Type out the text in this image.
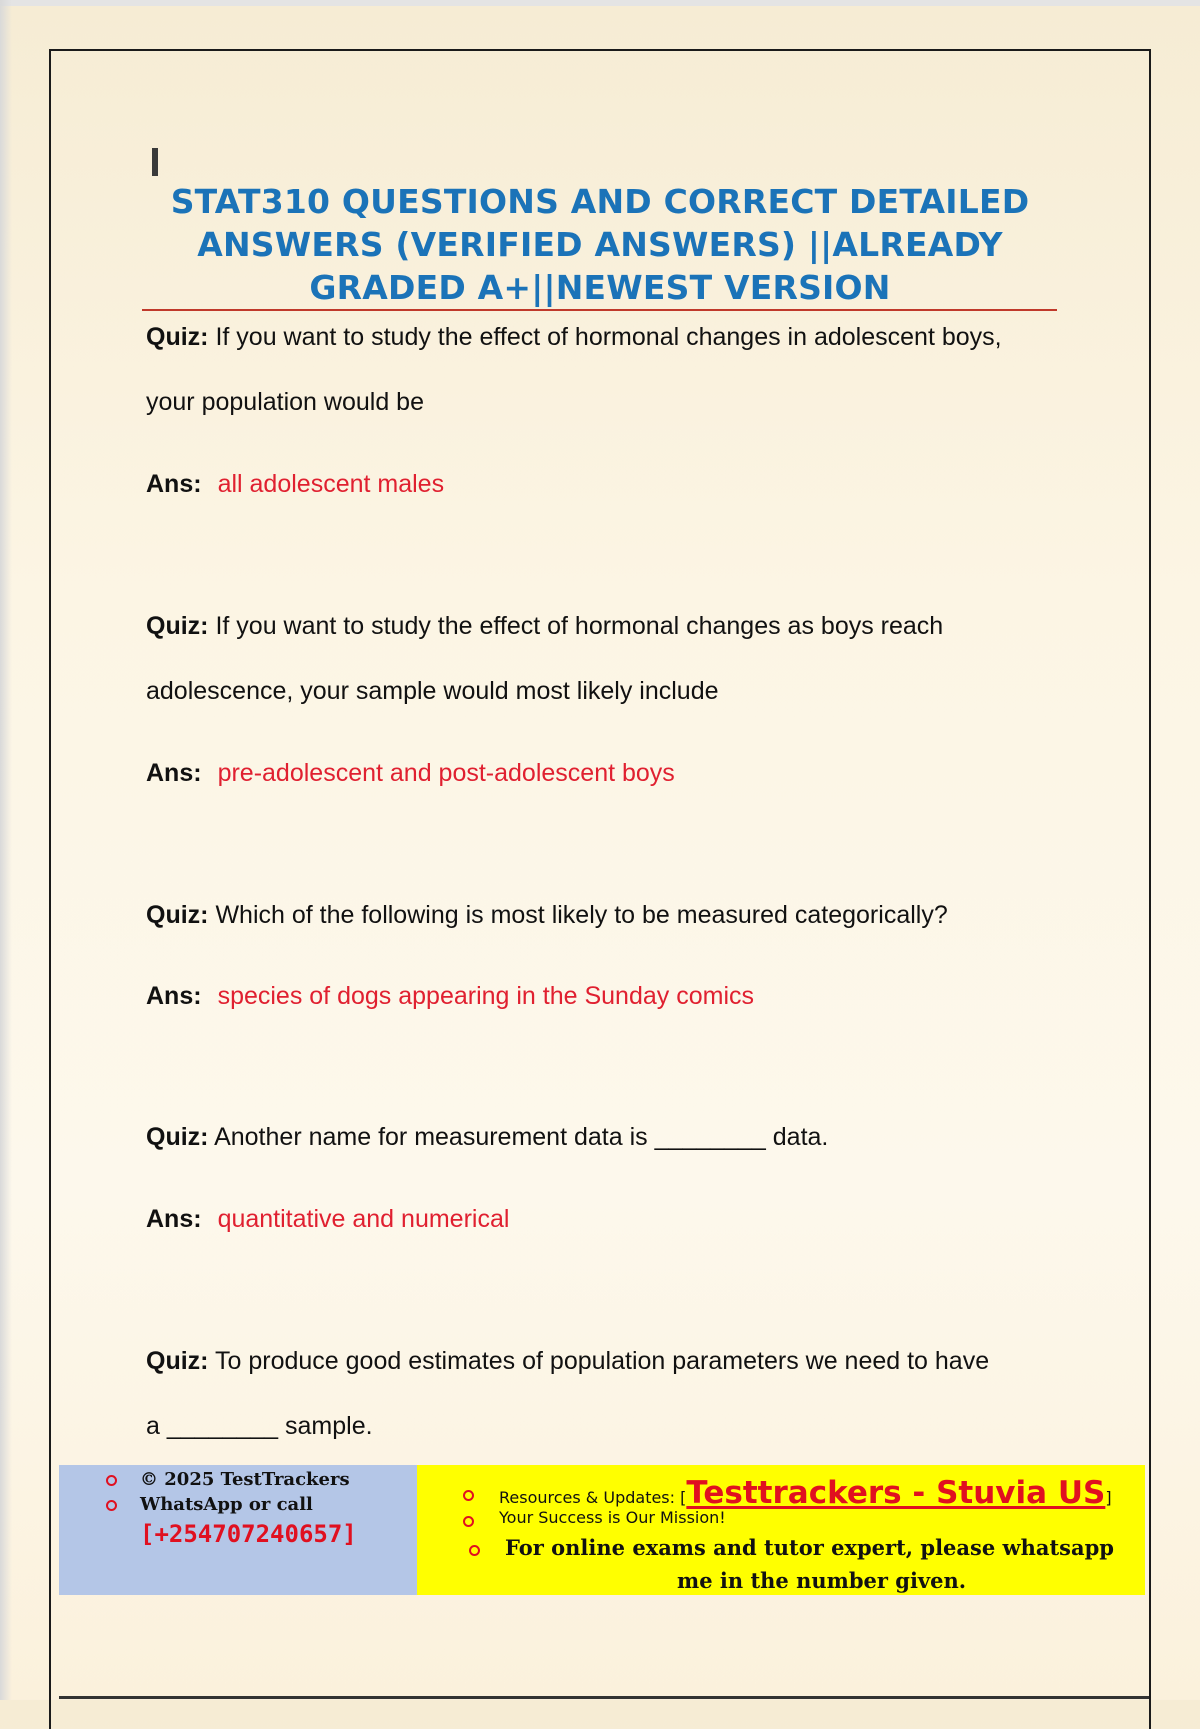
STAT310 QUESTIONS AND CORRECT DETAILED
ANSWERS (VERIFIED ANSWERS) ||ALREADY
GRADED A+||NEWEST VERSION

Quiz: If you want to study the effect of hormonal changes in adolescent boys,

your population would be

Ans: all adolescent males

Quiz: If you want to study the effect of hormonal changes as boys reach

adolescence, your sample would most likely include

Ans: pre-adolescent and post-adolescent boys

Quiz: Which of the following is most likely to be measured categorically?

Ans: species of dogs appearing in the Sunday comics

Quiz: Another name for measurement data is ________ data.

Ans: quantitative and numerical

Quiz: To produce good estimates of population parameters we need to have

a ________ sample.

© 2025 TestTrackers
WhatsApp or call
[+254707240657]
Resources & Updates: [Testtrackers - Stuvia US]
Your Success is Our Mission!
For online exams and tutor expert, please whatsapp
me in the number given.
